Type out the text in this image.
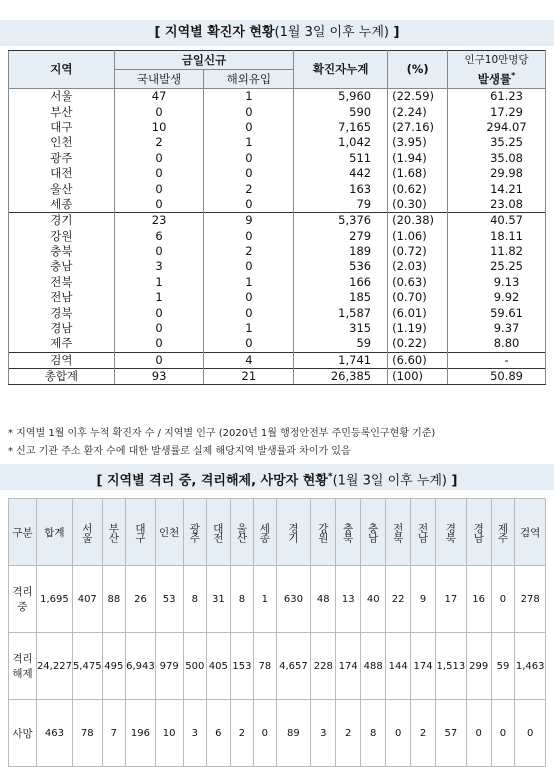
[ 지역별 확진자 현황(1월 3일 이후 누계) ]
지역	금일신규		확진자누계	(%)	인구10만명당
발생률*

	국내발생	해외유입			
서울	47	1	5,960	(22.59)	61.23
부산	0	0	590	(2.24)	17.29
대구	10	0	7,165	(27.16)	294.07
인천	2	1	1,042	(3.95)	35.25
광주	0	0	511	(1.94)	35.08
대전	0	0	442	(1.68)	29.98
울산	0	2	163	(0.62)	14.21
세종	0	0	79	(0.30)	23.08
경기	23	9	5,376	(20.38)	40.57
강원	6	0	279	(1.06)	18.11
충북	0	2	189	(0.72)	11.82
충남	3	0	536	(2.03)	25.25
전북	1	1	166	(0.63)	9.13
전남	1	0	185	(0.70)	9.92
경북	0	0	1,587	(6.01)	59.61
경남	0	1	315	(1.19)	9.37
제주	0	0	59	(0.22)	8.80
검역	0	4	1,741	(6.60)	-
총합계	93	21	26,385	(100)	50.89
* 지역별 1월 이후 누적 확진자 수 / 지역별 인구 (2020년 1월 행정안전부 주민등록인구현황 기준)
* 신고 기관 주소 환자 수에 대한 발생률로 실제 해당지역 발생률과 차이가 있음
[ 지역별 격리 중, 격리해제, 사망자 현황*(1월 3일 이후 누계) ]
구분	합계	서울	부산	대구	인천	광주	대전	울산	세종	경기	강원	충북	충남	전북	전남	경북	경남	제주	검역
격리 중	1,695	407	88	26	53	8	31	8	1	630	48	13	40	22	9	17	16	0	278
격리해제	24,227	5,475	495	6,943	979	500	405	153	78	4,657	228	174	488	144	174	1,513	299	59	1,463
사망	463	78	7	196	10	3	6	2	0	89	3	2	8	0	2	57	0	0	0
